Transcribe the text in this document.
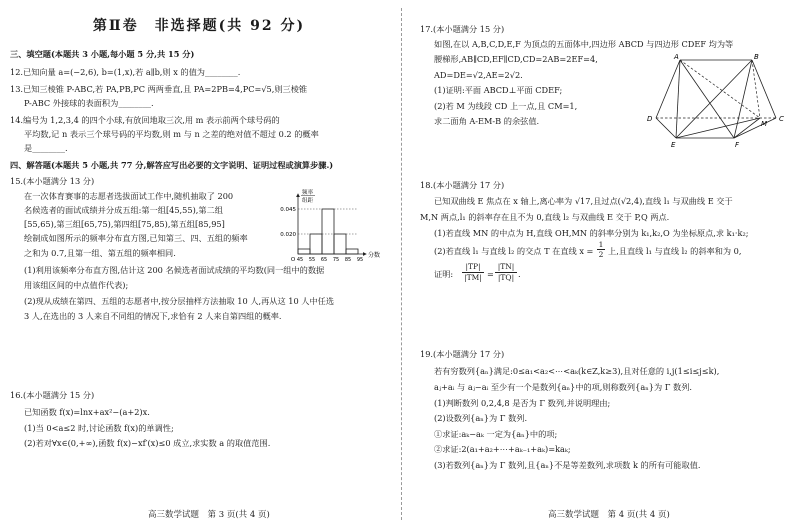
第Ⅱ卷　非选择题(共 92 分)
三、填空题(本题共 3 小题,每小题 5 分,共 15 分)
12.已知向量 a=(−2,6), b=(1,x),若 a∥b,则 x 的值为________.
13.已知三棱锥 P-ABC,若 PA,PB,PC 两两垂直,且 PA=2PB=4,PC=√5,则三棱锥
P-ABC 外接球的表面积为________.
14.编号为 1,2,3,4 的四个小球,有放回地取三次,用 m 表示前两个球号码的
平均数,记 n 表示三个球号码的平均数,则 m 与 n 之差的绝对值不超过 0.2 的概率
是________.
四、解答题(本题共 5 小题,共 77 分,解答应写出必要的文字说明、证明过程或演算步骤.)
15.(本小题满分 13 分)
在一次体育赛事的志愿者选拔面试工作中,随机抽取了 200
名候选者的面试成绩并分成五组:第一组[45,55),第二组
[55,65),第三组[65,75),第四组[75,85),第五组[85,95]
绘制成如图所示的频率分布直方图,已知第三、四、五组的频率
之和为 0.7,且第一组、第五组的频率相同.
(1)利用该频率分布直方图,估计这 200 名候选者面试成绩的平均数(同一组中的数据
用该组区间的中点值作代表);
(2)现从成绩在第四、五组的志愿者中,按分层抽样方法抽取 10 人,再从这 10 人中任选
3 人,在选出的 3 人来自不同组的情况下,求恰有 2 人来自第四组的概率.
0.045
0.020
45 55 65 75 85 95
O
分数
频率
组距
16.(本小题满分 15 分)
已知函数 f(x)=lnx+ax²−(a+2)x.
(1)当 0<a≤2 时,讨论函数 f(x)的单调性;
(2)若对∀x∈(0,+∞),函数 f(x)−xf′(x)≤0 成立,求实数 a 的取值范围.
高三数学试题　第 3 页(共 4 页)
17.(本小题满分 15 分)
如图,在以 A,B,C,D,E,F 为顶点的五面体中,四边形 ABCD 与四边形 CDEF 均为等
腰梯形,AB∥CD,EF∥CD,CD=2AB=2EF=4,
AD=DE=√2,AE=2√2.
(1)证明:平面 ABCD⊥平面 CDEF;
(2)若 M 为线段 CD 上一点,且 CM=1,
求二面角 A-EM-B 的余弦值.
A	B
C
D
E	F
M
18.(本小题满分 17 分)
已知双曲线 E 焦点在 x 轴上,离心率为 √17,且过点(√2,4),直线 l₁ 与双曲线 E 交于
M,N 两点,l₁ 的斜率存在且不为 0,直线 l₂ 与双曲线 E 交于 P,Q 两点.
(1)若直线 MN 的中点为 H,直线 OH,MN 的斜率分别为 k₁,k₂,O 为坐标原点,求 k₁·k₂;
(2)若直线 l₁ 与直线 l₂ 的交点 T 在直线 $x = \frac{1}{2}$ 上,且直线 l₁ 与直线 l₂ 的斜率和为 0,
证明:
|TP|
|TM| =
|TN|
|TQ| .
19.(本小题满分 17 分)
若有穷数列{aₙ}满足:0≤a₁<a₂<⋯<aₖ(k∈Z,k≥3),且对任意的 i,j(1≤i≤j≤k),
aⱼ+aᵢ 与 aⱼ−aᵢ 至少有一个是数列{aₙ}中的项,则称数列{aₙ}为 Γ 数列.
(1)判断数列 0,2,4,8 是否为 Γ 数列,并说明理由;
(2)设数列{aₙ}为 Γ 数列.
①求证:aₖ−aₖ 一定为{aₙ}中的项;
②求证:2(a₁+a₂+⋯+aₖ₋₁+aₖ)=kaₖ;
(3)若数列{aₙ}为 Γ 数列,且{aₙ}不是等差数列,求项数 k 的所有可能取值.
高三数学试题　第 4 页(共 4 页)
